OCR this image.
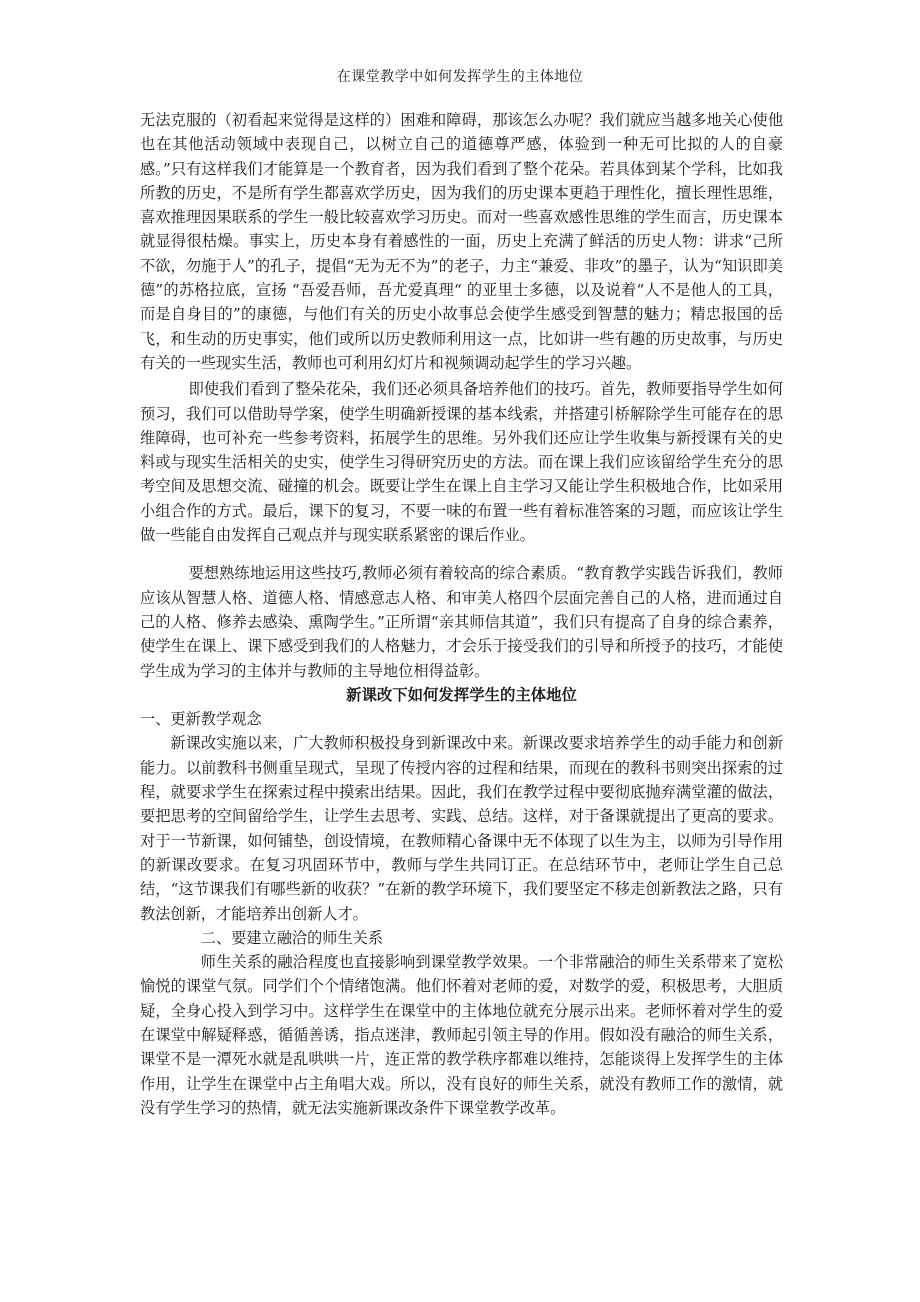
在课堂教学中如何发挥学生的主体地位

无法克服的（初看起来觉得是这样的）困难和障碍，那该怎么办呢？我们就应当越多地关心使他也在其他活动领域中表现自己，以树立自己的道德尊严感，体验到一种无可比拟的人的自豪感。”只有这样我们才能算是一个教育者，因为我们看到了整个花朵。若具体到某个学科，比如我所教的历史，不是所有学生都喜欢学历史，因为我们的历史课本更趋于理性化，擅长理性思维，喜欢推理因果联系的学生一般比较喜欢学习历史。而对一些喜欢感性思维的学生而言，历史课本就显得很枯燥。事实上，历史本身有着感性的一面，历史上充满了鲜活的历史人物：讲求“己所不欲，勿施于人”的孔子，提倡“无为无不为”的老子，力主“兼爱、非攻”的墨子，认为“知识即美德”的苏格拉底，宣扬 “吾爱吾师，吾尤爱真理“ 的亚里士多德，以及说着“人不是他人的工具，而是自身目的”的康德，与他们有关的历史小故事总会使学生感受到智慧的魅力；精忠报国的岳飞，和生动的历史事实，他们或所以历史教师利用这一点，比如讲一些有趣的历史故事，与历史有关的一些现实生活，教师也可利用幻灯片和视频调动起学生的学习兴趣。

即使我们看到了整朵花朵，我们还必须具备培养他们的技巧。首先，教师要指导学生如何预习，我们可以借助导学案，使学生明确新授课的基本线索，并搭建引桥解除学生可能存在的思维障碍，也可补充一些参考资料，拓展学生的思维。另外我们还应让学生收集与新授课有关的史料或与现实生活相关的史实，使学生习得研究历史的方法。而在课上我们应该留给学生充分的思考空间及思想交流、碰撞的机会。既要让学生在课上自主学习又能让学生积极地合作，比如采用小组合作的方式。最后，课下的复习，不要一味的布置一些有着标准答案的习题，而应该让学生做一些能自由发挥自己观点并与现实联系紧密的课后作业。

要想熟练地运用这些技巧,教师必须有着较高的综合素质。“教育教学实践告诉我们，教师应该从智慧人格、道德人格、情感意志人格、和审美人格四个层面完善自己的人格，进而通过自己的人格、修养去感染、熏陶学生。”正所谓“亲其师信其道”，我们只有提高了自身的综合素养，使学生在课上、课下感受到我们的人格魅力，才会乐于接受我们的引导和所授予的技巧，才能使学生成为学习的主体并与教师的主导地位相得益彰。

新课改下如何发挥学生的主体地位

一、更新教学观念

新课改实施以来，广大教师积极投身到新课改中来。新课改要求培养学生的动手能力和创新能力。以前教科书侧重呈现式，呈现了传授内容的过程和结果，而现在的教科书则突出探索的过程，就要求学生在探索过程中摸索出结果。因此，我们在教学过程中要彻底抛弃满堂灌的做法，要把思考的空间留给学生，让学生去思考、实践、总结。这样，对于备课就提出了更高的要求。对于一节新课，如何铺垫，创设情境，在教师精心备课中无不体现了以生为主，以师为引导作用的新课改要求。在复习巩固环节中，教师与学生共同订正。在总结环节中，老师让学生自己总结，“这节课我们有哪些新的收获？”在新的教学环境下，我们要坚定不移走创新教法之路，只有教法创新，才能培养出创新人才。

二、要建立融洽的师生关系

师生关系的融洽程度也直接影响到课堂教学效果。一个非常融洽的师生关系带来了宽松愉悦的课堂气氛。同学们个个情绪饱满。他们怀着对老师的爱，对数学的爱，积极思考，大胆质疑，全身心投入到学习中。这样学生在课堂中的主体地位就充分展示出来。老师怀着对学生的爱在课堂中解疑释惑，循循善诱，指点迷津，教师起引领主导的作用。假如没有融洽的师生关系，课堂不是一潭死水就是乱哄哄一片，连正常的教学秩序都难以维持，怎能谈得上发挥学生的主体作用，让学生在课堂中占主角唱大戏。所以，没有良好的师生关系，就没有教师工作的激情，就没有学生学习的热情，就无法实施新课改条件下课堂教学改革。
